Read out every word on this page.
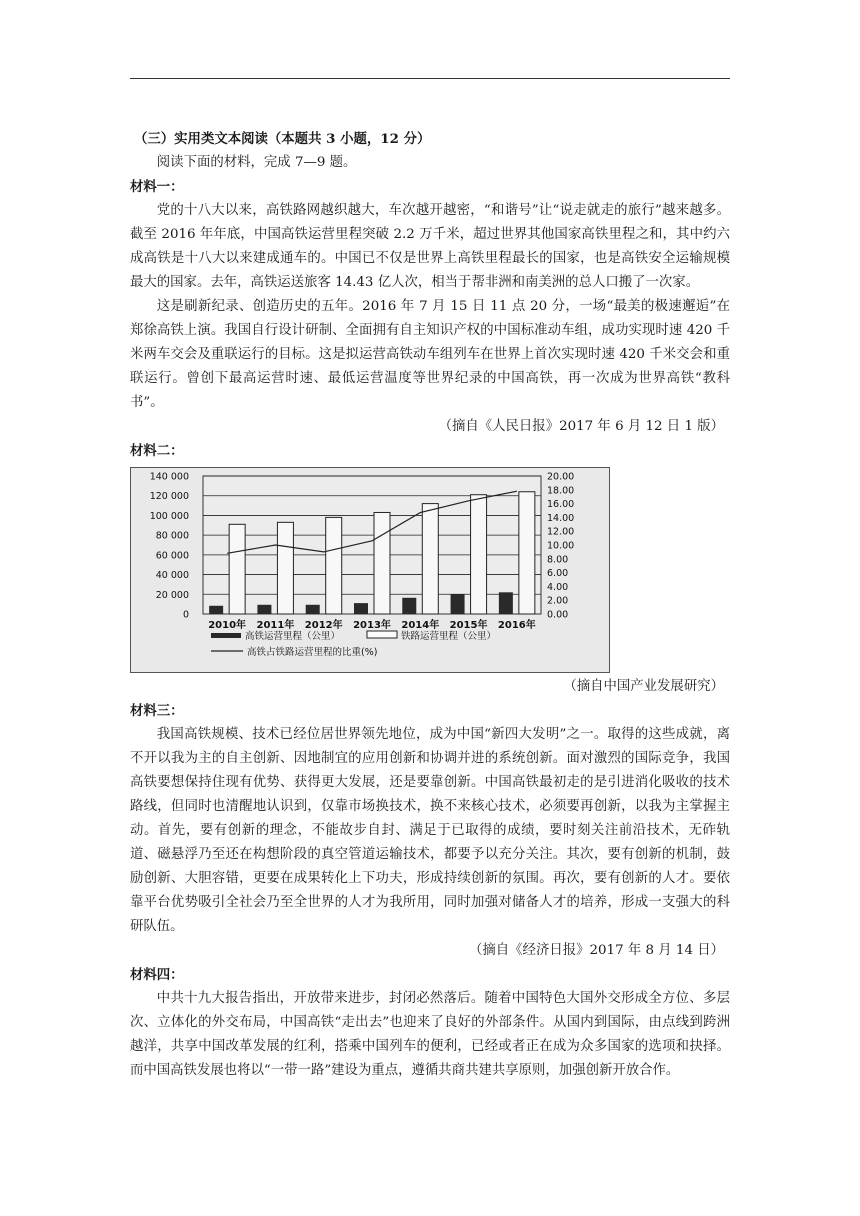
（三）实用类文本阅读（本题共 3 小题，12 分）

阅读下面的材料，完成 7—9 题。

材料一：

党的十八大以来，高铁路网越织越大，车次越开越密，“和谐号”让“说走就走的旅行”越来越多。截至 2016 年年底，中国高铁运营里程突破 2.2 万千米，超过世界其他国家高铁里程之和，其中约六成高铁是十八大以来建成通车的。中国已不仅是世界上高铁里程最长的国家，也是高铁安全运输规模最大的国家。去年，高铁运送旅客 14.43 亿人次，相当于帮非洲和南美洲的总人口搬了一次家。

这是刷新纪录、创造历史的五年。2016 年 7 月 15 日 11 点 20 分，一场“最美的极速邂逅”在郑徐高铁上演。我国自行设计研制、全面拥有自主知识产权的中国标准动车组，成功实现时速 420 千米两车交会及重联运行的目标。这是拟运营高铁动车组列车在世界上首次实现时速 420 千米交会和重联运行。曾创下最高运营时速、最低运营温度等世界纪录的中国高铁，再一次成为世界高铁“教科书”。

（摘自《人民日报》2017 年 6 月 12 日 1 版）

材料二：

0
20 000
40 000
60 000
80 000
100 000
120 000
140 000
0.00
2.00
4.00
6.00
8.00
10.00
12.00
14.00
16.00
18.00
20.00
2010年 2011年 2012年 2013年 2014年 2015年 2016年
高铁运营里程（公里）	铁路运营里程（公里）
高铁占铁路运营里程的比重(%)

（摘自中国产业发展研究）

材料三：

我国高铁规模、技术已经位居世界领先地位，成为中国“新四大发明”之一。取得的这些成就，离不开以我为主的自主创新、因地制宜的应用创新和协调并进的系统创新。面对激烈的国际竞争，我国高铁要想保持住现有优势、获得更大发展，还是要靠创新。中国高铁最初走的是引进消化吸收的技术路线，但同时也清醒地认识到，仅靠市场换技术，换不来核心技术，必须要再创新，以我为主掌握主动。首先，要有创新的理念，不能故步自封、满足于已取得的成绩，要时刻关注前沿技术，无砟轨道、磁悬浮乃至还在构想阶段的真空管道运输技术，都要予以充分关注。其次，要有创新的机制，鼓励创新、大胆容错，更要在成果转化上下功夫，形成持续创新的氛围。再次，要有创新的人才。要依靠平台优势吸引全社会乃至全世界的人才为我所用，同时加强对储备人才的培养，形成一支强大的科研队伍。

（摘自《经济日报》2017 年 8 月 14 日）

材料四：

中共十九大报告指出，开放带来进步，封闭必然落后。随着中国特色大国外交形成全方位、多层次、立体化的外交布局，中国高铁“走出去”也迎来了良好的外部条件。从国内到国际，由点线到跨洲越洋，共享中国改革发展的红利，搭乘中国列车的便利，已经或者正在成为众多国家的选项和抉择。而中国高铁发展也将以“一带一路”建设为重点，遵循共商共建共享原则，加强创新开放合作。
